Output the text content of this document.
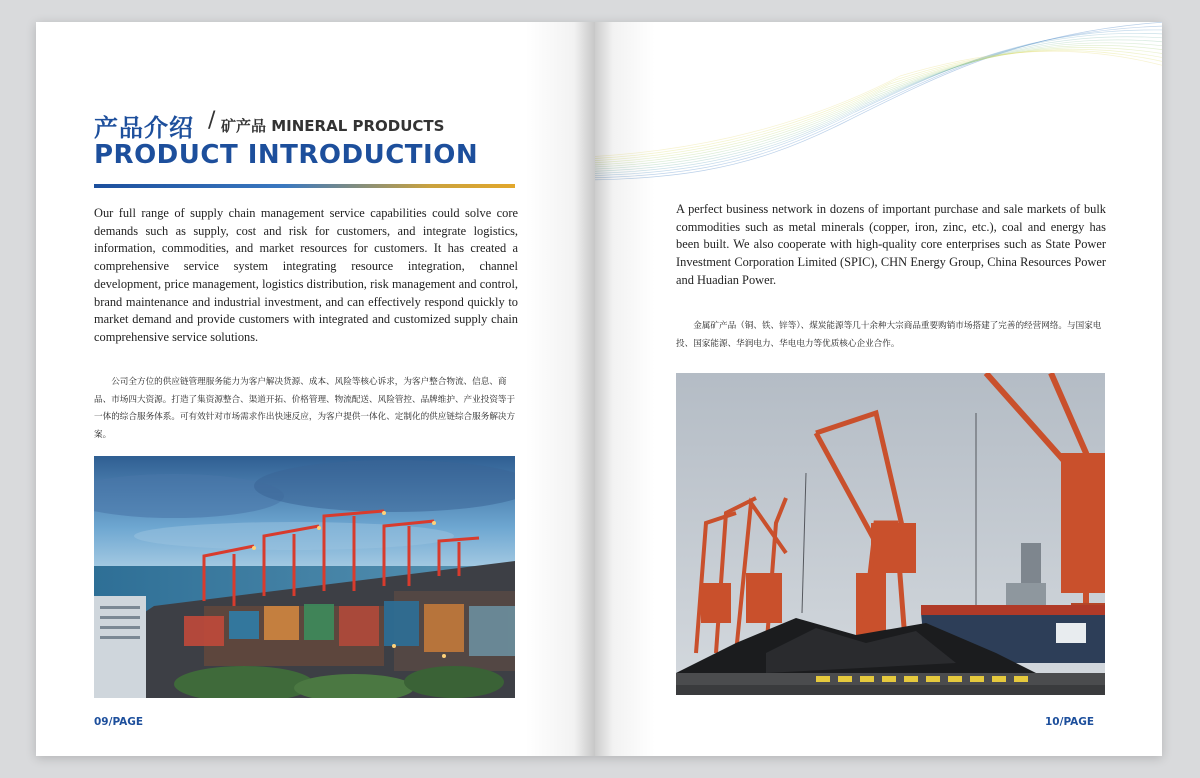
产品介绍 / 矿产品 MINERAL PRODUCTS
PRODUCT INTRODUCTION
Our full range of supply chain management service capabilities could solve core demands such as supply, cost and risk for customers, and integrate logistics, information, commodities, and market resources for customers. It has created a comprehensive service system integrating resource integration, channel development, price management, logistics distribution, risk management and control, brand maintenance and industrial investment, and can effectively respond quickly to market demand and provide customers with integrated and customized supply chain comprehensive service solutions.
公司全方位的供应链管理服务能力为客户解决货源、成本、风险等核心诉求，为客户整合物流、信息、商品、市场四大资源。打造了集资源整合、渠道开拓、价格管理、物流配送、风险管控、品牌维护、产业投资等于一体的综合服务体系。可有效针对市场需求作出快速反应，为客户提供一体化、定制化的供应链综合服务解决方案。
09/PAGE
A perfect business network in dozens of important purchase and sale markets of bulk commodities such as metal minerals (copper, iron, zinc, etc.), coal and energy has been built. We also cooperate with high-quality core enterprises such as State Power Investment Corporation Limited (SPIC), CHN Energy Group, China Resources Power and Huadian Power.
金属矿产品（铜、铁、锌等）、煤炭能源等几十余种大宗商品重要购销市场搭建了完善的经营网络。与国家电投、国家能源、华润电力、华电电力等优质核心企业合作。
10/PAGE
